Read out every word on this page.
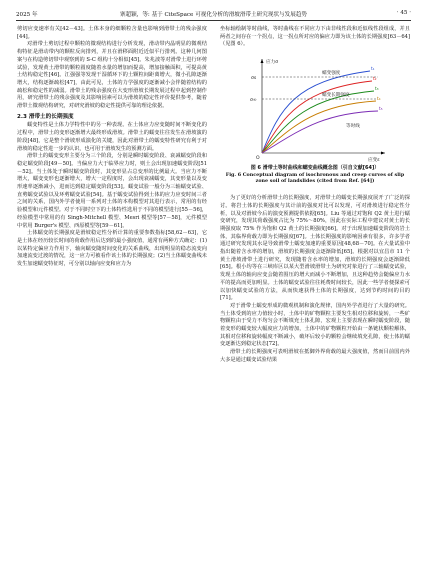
2025 年	寨超颖，等: 基于 CiteSpace 可视化分析的滑坡滑带土研究现状与发展趋势	· 45 ·

剪切应变速率有关[42－43]。土体本身的细颗粒含量也影响到滑带土的残余强度[44]。

对滑带土剪切过程中颗粒的微观结构进行分析发现，滑动带内晶明显的微观结构特征是滑动带内的颗粒反向排列，并且在滑移面附近近似平行排列。这种几何图案与在构造剪切带中观察到的 S-C 组构十分相似[45]。朱兆波等对滑带土进行环剪试验，发现黄土滑带的颗粒圆度随着水量的增加而提高，增加接触面积，可提高黄土结构稳定性[46]。江强强等发现干湿循环下的土颗粒间距离增大，微小孔隙逐渐增大，结构逐渐疏松[47]，由此可见，土体的力学强度的逐渐减小会伴随着结构的疏松和稳定性的减弱。滑带土的残余强度在大变形滑坡长期发展过程中起到控制作用，研究滑带土的残余强度及其影响因素可以为滑坡的稳定性评价提供参考，随着滑带土微观结构研究，对研究滑坡的稳定性提供可靠的理论依据。

2.3 滑带土的长期强度

蠕变特性是土体力学特性中的另一种表现。在土体应力应变随时间不断变化的过程中，滑带土的变形逐渐增大最终形成滑坡。滑带土的蠕变往往发生在滑坡演的阶段[48]，它是整个滑坡形成演化的关键，因此对滑带土的蠕变特性研究有利于对滑坡的稳定性进一步的认识，也可用于滑坡发生的预测方面。

滑带土的蠕变变形主要分为三个阶段，分别是瞬时蠕变阶段、衰减蠕变阶段和稳定蠕变阶段[49－50]。当偏应力大于临界应力时，则土会出现加速蠕变阶段[51－52]。当土体处于瞬时蠕变阶段时，其变形显占总变形的比例最大。当应力不断增大，蠕变变形也逐渐增大，增大一定程度时，会出现衰减蠕变，其变形量以及变形速率逐渐减小，进而达到稳定蠕变阶段[53]。蠕变试验一般分为三轴蠕变试验、直剪蠕变试验以及环剪蠕变试验[54]。基于蠕变试验得到土体的应力应变时间三者之间的关系，国内外学者使用一系列对土体的本构模型对其进行表示，常用的有经验模型和元件模型。对于不同时空下的土体特性选用于不同的模型进行[55－56]，经验模型中常用的有 Singh-Mitchell 模型、Mesri 模型等[57－58]，元件模型中常用 Burger's 模型、西原模型等[59－61]。

土体蠕变的长期强度是滑坡稳定性分析计算的重要参数指标[58,62－63]，它是土体在经历较长时间的荷载作用后达到的最小强度值，通常有两种方式确定：(1)以某特定偏应力作用下，轴向蠕变随时间变化的关系曲线，出现明显的稳态流变向加速流变过渡的情况，这一应力可被看作该土体的长期强度；(2)当土体蠕变曲线未发生加速蠕变特征时，可分别以轴向应变和应力为

坐标轴绘制等时曲线，等时曲线在不同应力下由非线性段和近似线性段组成，并且两者之间存在一个拐点，这一拐点所对应的偏应力即为该土体的长期强度[63－64]（见图 6）。

应力σ
应变ε
O
σ∞
σs
蠕变长期强度
蠕变强度
等时线
t₁
t₂
t₃
t₄
t₅
图 6 滑带土等时曲线和蠕变曲线概念图（引自文献[64]）
Fig. 6 Conceptual diagram of isochronous and creep curves of slip zone soil of landslides (cited from Ref. [64])

为了更好的分析滑带土的长期强度，对滑带土的蠕变长期强度展开了广泛的探讨。将岩土体的长期强度与其计前的强度对比可以发现，可对滑坡进行稳定性分析，以及对滑坡今后的演变预测提供依据[65]。Liu 等通过对饱和 Q2 黄土进行蠕变研究，发现其荷载强度占比为 75%～80%，因此在实际工程中建议对黄土的长期强度取 75% 作为饱和 Q2 黄土的长期强度[66]。对于出现加速蠕变阶段的岩土体，其临界荷载力即为长期强度[67]。土体长期强度的影响因素有很多，许多学者通过研究发现其水是导致滑带土蠕变加速的重要原因[48,68－70]。在大量试验中指出随着含水率的增加，滑坡的长期强度会逐渐降低[65]。根据对以宜昌市 11 个黄土滑坡滑带土进行研究，发现随着含水率的增加，滑坡的长期强度会逐渐降低[65]。根小均等在三峡库区以某大型滑坡滑带土为研究对象进行了三轴蠕变试验，发现土体的轴向应变会随着围压的增大而减小不断增加，且这种趋势会随偏应力水平的提高而更加明显。土体的蠕变试验往往耗费时间较长，因此一些学者便探索可以加快蠕变试验的方法，从而快速获得土体的长期强度，达到节约时间的目的[71]。

对于滑带土蠕变形成的微观机制和演化规律，国内外学者进行了大量的研究。当土体受到的应力值较小时，土体中的矿物颗粒主要发生相对位移和旋转，一些矿物颗粒由于受力不均匀会不断填充土体孔隙，宏观上主要表现在瞬时蠕变阶段，随着变形的蠕变较大幅度应力的增加，土体中的矿物颗粒开始由一条链状颗粒解体，其相对位移和旋转幅度不断减小，破坏后较小的颗粒会继续填充孔隙，使土体的蠕变逐渐达到稳定状态[72]。

滑带土的长期强度可表明滑坡在抵御外界荷载的最大强度值，然而目前国内外大多是通过蠕变试验结果
